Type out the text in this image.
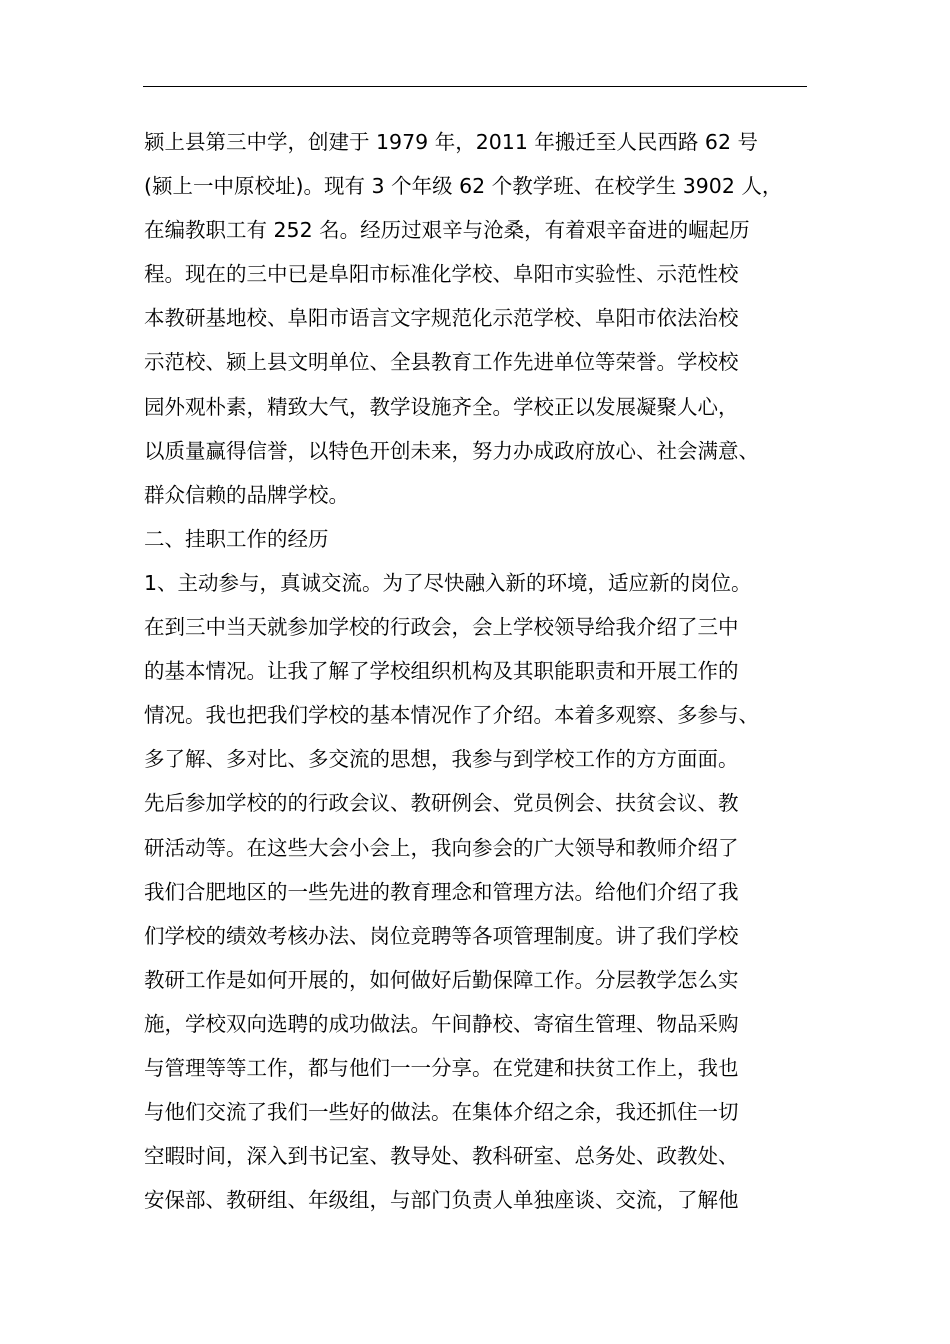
颍上县第三中学，创建于 1979 年，2011 年搬迁至人民西路 62 号
(颍上一中原校址)。现有 3 个年级 62 个教学班、在校学生 3902 人，
在编教职工有 252 名。经历过艰辛与沧桑，有着艰辛奋进的崛起历
程。现在的三中已是阜阳市标准化学校、阜阳市实验性、示范性校
本教研基地校、阜阳市语言文字规范化示范学校、阜阳市依法治校
示范校、颍上县文明单位、全县教育工作先进单位等荣誉。学校校
园外观朴素，精致大气，教学设施齐全。学校正以发展凝聚人心，
以质量赢得信誉，以特色开创未来，努力办成政府放心、社会满意、
群众信赖的品牌学校。
二、挂职工作的经历
1、主动参与，真诚交流。为了尽快融入新的环境，适应新的岗位。
在到三中当天就参加学校的行政会，会上学校领导给我介绍了三中
的基本情况。让我了解了学校组织机构及其职能职责和开展工作的
情况。我也把我们学校的基本情况作了介绍。本着多观察、多参与、
多了解、多对比、多交流的思想，我参与到学校工作的方方面面。
先后参加学校的的行政会议、教研例会、党员例会、扶贫会议、教
研活动等。在这些大会小会上，我向参会的广大领导和教师介绍了
我们合肥地区的一些先进的教育理念和管理方法。给他们介绍了我
们学校的绩效考核办法、岗位竞聘等各项管理制度。讲了我们学校
教研工作是如何开展的，如何做好后勤保障工作。分层教学怎么实
施，学校双向选聘的成功做法。午间静校、寄宿生管理、物品采购
与管理等等工作，都与他们一一分享。在党建和扶贫工作上，我也
与他们交流了我们一些好的做法。在集体介绍之余，我还抓住一切
空暇时间，深入到书记室、教导处、教科研室、总务处、政教处、
安保部、教研组、年级组，与部门负责人单独座谈、交流，了解他
